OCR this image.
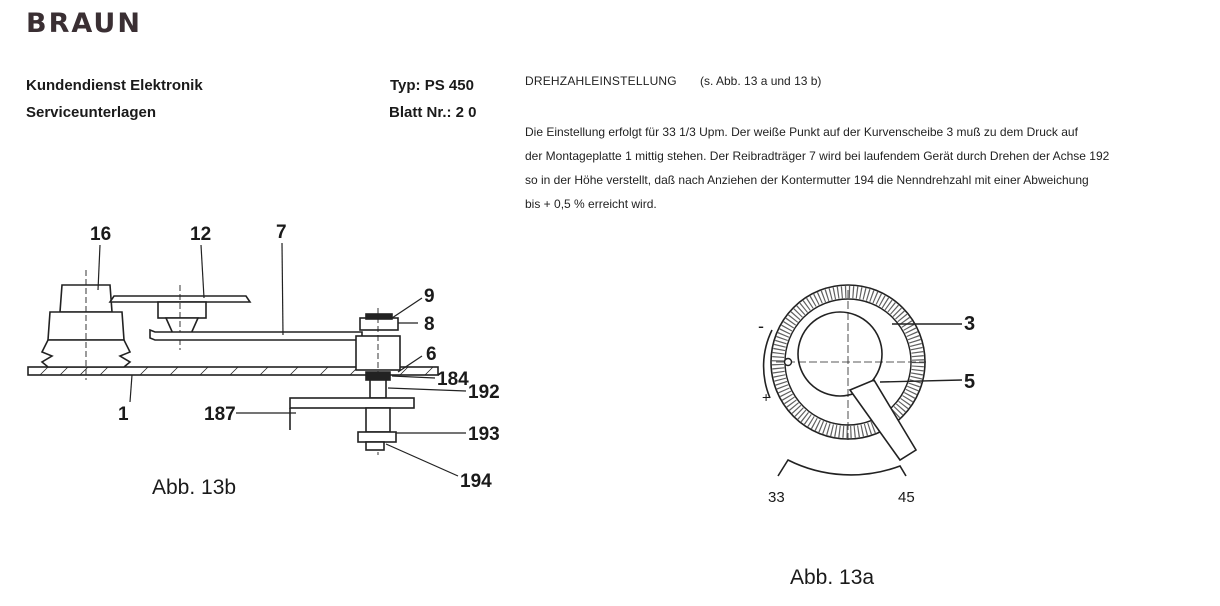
BRAUN
Kundendienst Elektronik
Serviceunterlagen
Typ: PS 450
Blatt Nr.: 2 0
DREHZAHLEINSTELLUNG (s. Abb. 13 a und 13 b)
Die Einstellung erfolgt für 33 1/3 Upm. Der weiße Punkt auf der Kurvenscheibe 3 muß zu dem Druck auf
der Montageplatte 1 mittig stehen. Der Reibradträger 7 wird bei laufendem Gerät durch Drehen der Achse 192
so in der Höhe verstellt, daß nach Anziehen der Kontermutter 194 die Nenndrehzahl mit einer Abweichung
bis + 0,5 % erreicht wird.
16	12	7
9
8
6
184
192
1	187
193
194
Abb. 13b
-
+
3
5
33	45
Abb. 13a
